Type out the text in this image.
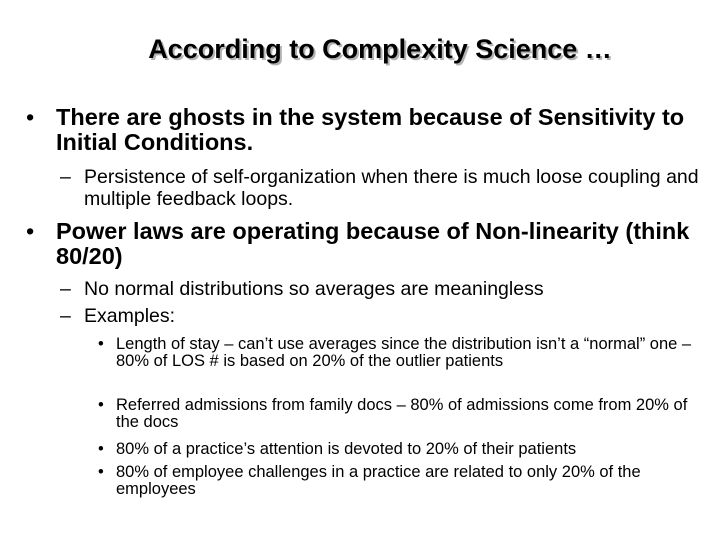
According to Complexity Science …
• There are ghosts in the system because of Sensitivity to Initial Conditions.
– Persistence of self-organization when there is much loose coupling and multiple feedback loops.
• Power laws are operating because of Non-linearity (think 80/20)
– No normal distributions so averages are meaningless
– Examples:
• Length of stay – can’t use averages since the distribution isn’t a “normal” one – 80% of LOS # is based on 20% of the outlier patients
• Referred admissions from family docs – 80% of admissions come from 20% of the docs
• 80% of a practice’s attention is devoted to 20% of their patients
• 80% of employee challenges in a practice are related to only 20% of the employees
